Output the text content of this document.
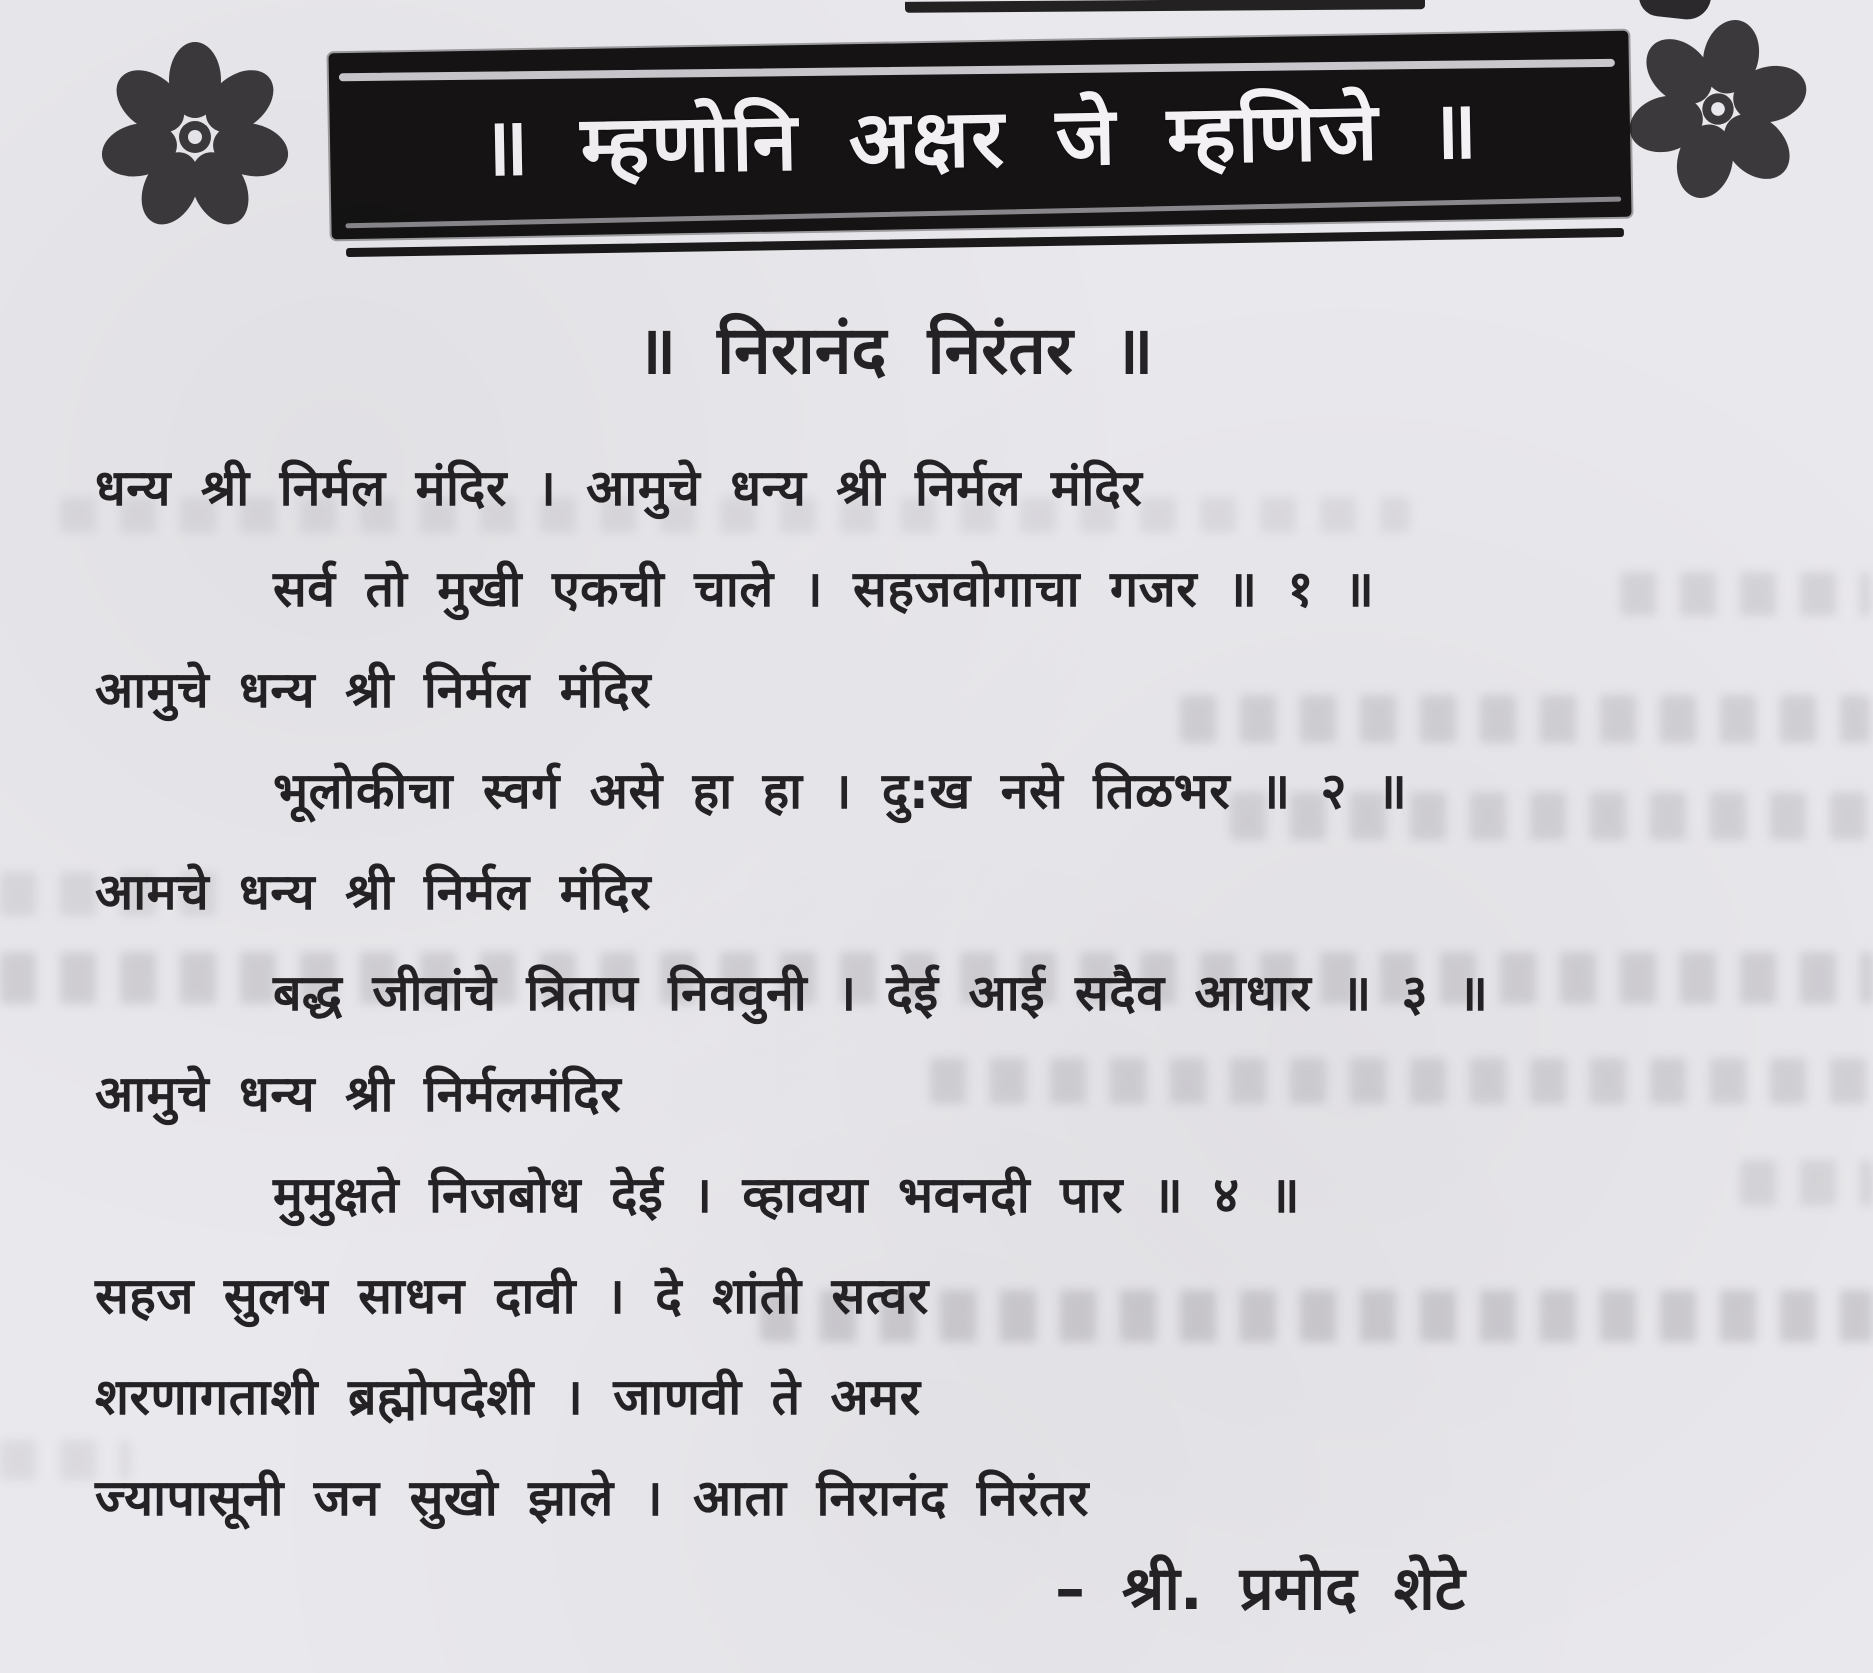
॥ म्हणोनि अक्षर जे म्हणिजे ॥
॥ निरानंद निरंतर ॥
धन्य श्री निर्मल मंदिर । आमुचे धन्य श्री निर्मल मंदिर
सर्व तो मुखी एकची चाले । सहजवोगाचा गजर ॥ १ ॥
आमुचे धन्य श्री निर्मल मंदिर
भूलोकीचा स्वर्ग असे हा हा । दु:ख नसे तिळभर ॥ २ ॥
आमचे धन्य श्री निर्मल मंदिर
बद्ध जीवांचे त्रिताप निववुनी । देई आई सदैव आधार ॥ ३ ॥
आमुचे धन्य श्री निर्मलमंदिर
मुमुक्षते निजबोध देई । व्हावया भवनदी पार ॥ ४ ॥
सहज सुलभ साधन दावी । दे शांती सत्वर
शरणागताशी ब्रह्मोपदेशी । जाणवी ते अमर
ज्यापासूनी जन सुखो झाले । आता निरानंद निरंतर
– श्री. प्रमोद शेटे
